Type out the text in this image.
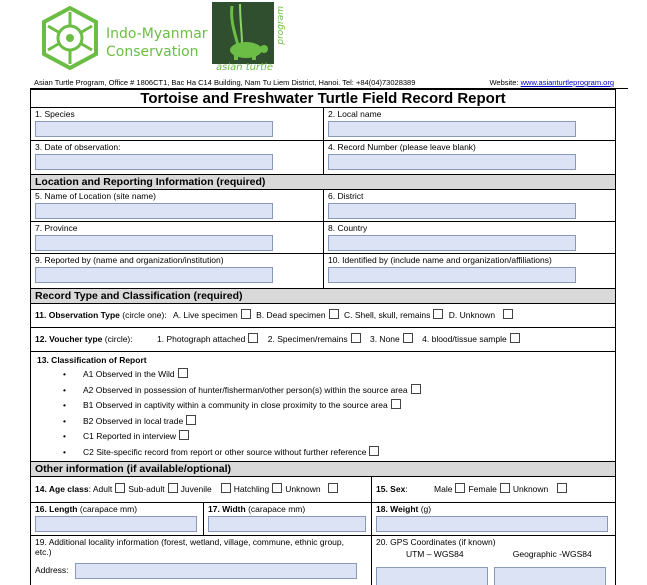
Indo-Myanmar
Conservation
asian turtle
program
Asian Turtle Program, Office # 1806CT1, Bac Ha C14 Building, Nam Tu Liem District, Hanoi. Tel: +84(04)73028389	Website: www.asianturtleprogram.org
Tortoise and Freshwater Turtle Field Record Report
1. Species	2. Local name
3. Date of observation:	4. Record Number (please leave blank)
Location and Reporting Information (required)
5. Name of Location (site name)	6. District
7. Province	8. Country
9. Reported by (name and organization/institution)	10. Identified by (include name and organization/affiliations)
Record Type and Classification (required)
11. Observation Type (circle one): A. Live specimen B. Dead specimen C. Shell, skull, remains D. Unknown
12. Voucher type (circle):	1. Photograph attached	2. Specimen/remains	3. None	4. blood/tissue sample
13. Classification of Report
• A1 Observed in the Wild
• A2 Observed in possession of hunter/fisherman/other person(s) within the source area
• B1 Observed in captivity within a community in close proximity to the source area
• B2 Observed in local trade
• C1 Reported in interview
• C2 Site-specific record from report or other source without further reference
Other information (if available/optional)
14. Age class: Adult Sub-adult Juvenile	Hatchling Unknown	15. Sex:	Male Female Unknown
16. Length (carapace mm)	17. Width (carapace mm)	18. Weight (g)
19. Additional locality information (forest, wetland, village, commune, ethnic group, etc.)
Address:
20. GPS Coordinates (if known)
UTM – WGS84	Geographic -WGS84
